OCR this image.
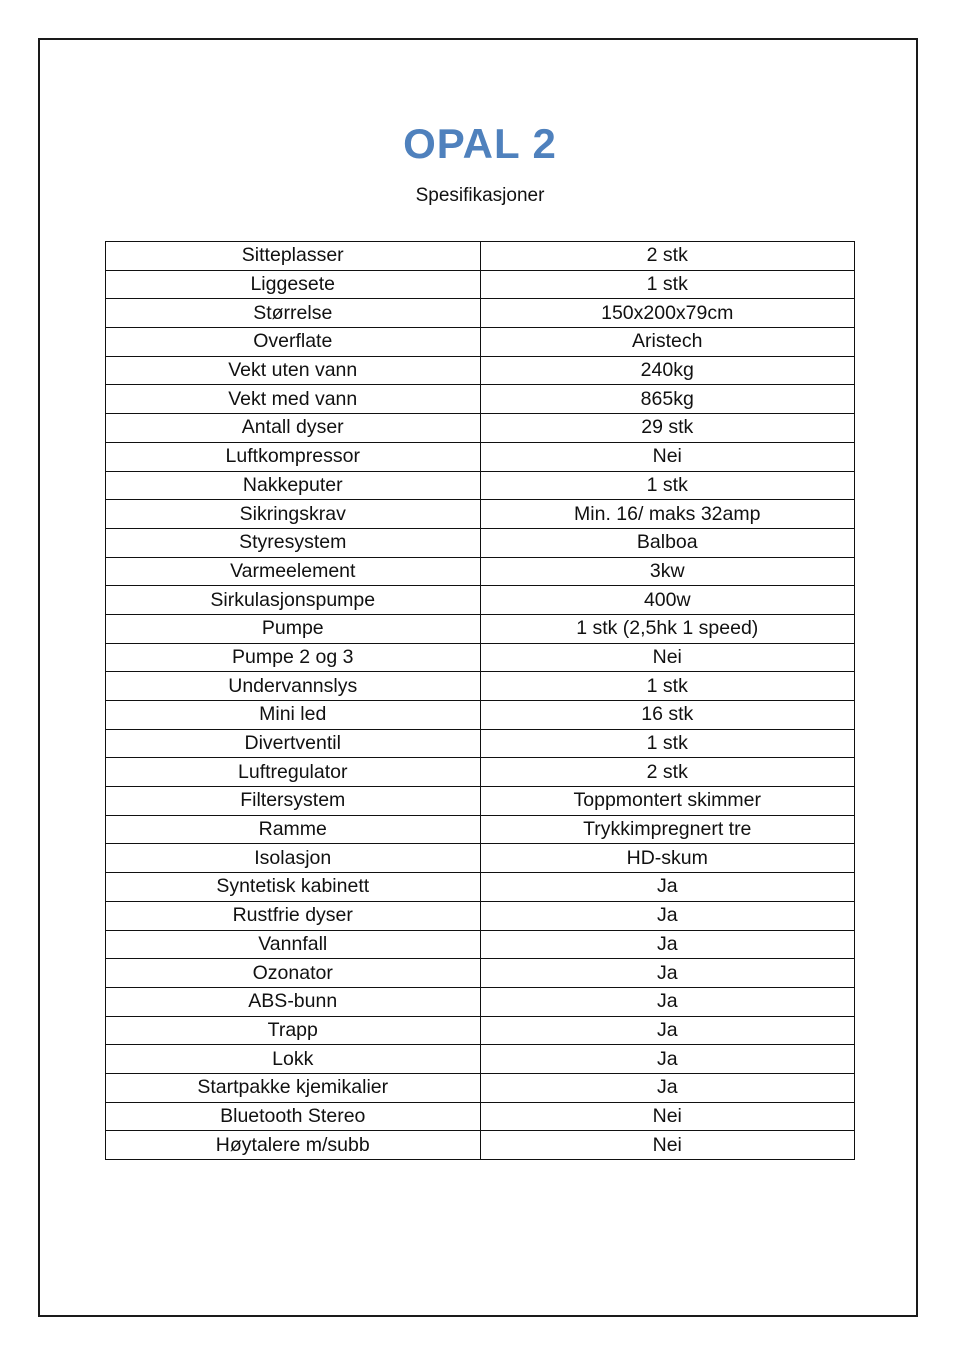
OPAL 2
Spesifikasjoner
Sitteplasser	2 stk
Liggesete	1 stk
Størrelse	150x200x79cm
Overflate	Aristech
Vekt uten vann	240kg
Vekt med vann	865kg
Antall dyser	29 stk
Luftkompressor	Nei
Nakkeputer	1 stk
Sikringskrav	Min. 16/ maks 32amp
Styresystem	Balboa
Varmeelement	3kw
Sirkulasjonspumpe	400w
Pumpe	1 stk (2,5hk 1 speed)
Pumpe 2 og 3	Nei
Undervannslys	1 stk
Mini led	16 stk
Divertventil	1 stk
Luftregulator	2 stk
Filtersystem	Toppmontert skimmer
Ramme	Trykkimpregnert tre
Isolasjon	HD-skum
Syntetisk kabinett	Ja
Rustfrie dyser	Ja
Vannfall	Ja
Ozonator	Ja
ABS-bunn	Ja
Trapp	Ja
Lokk	Ja
Startpakke kjemikalier	Ja
Bluetooth Stereo	Nei
Høytalere m/subb	Nei
